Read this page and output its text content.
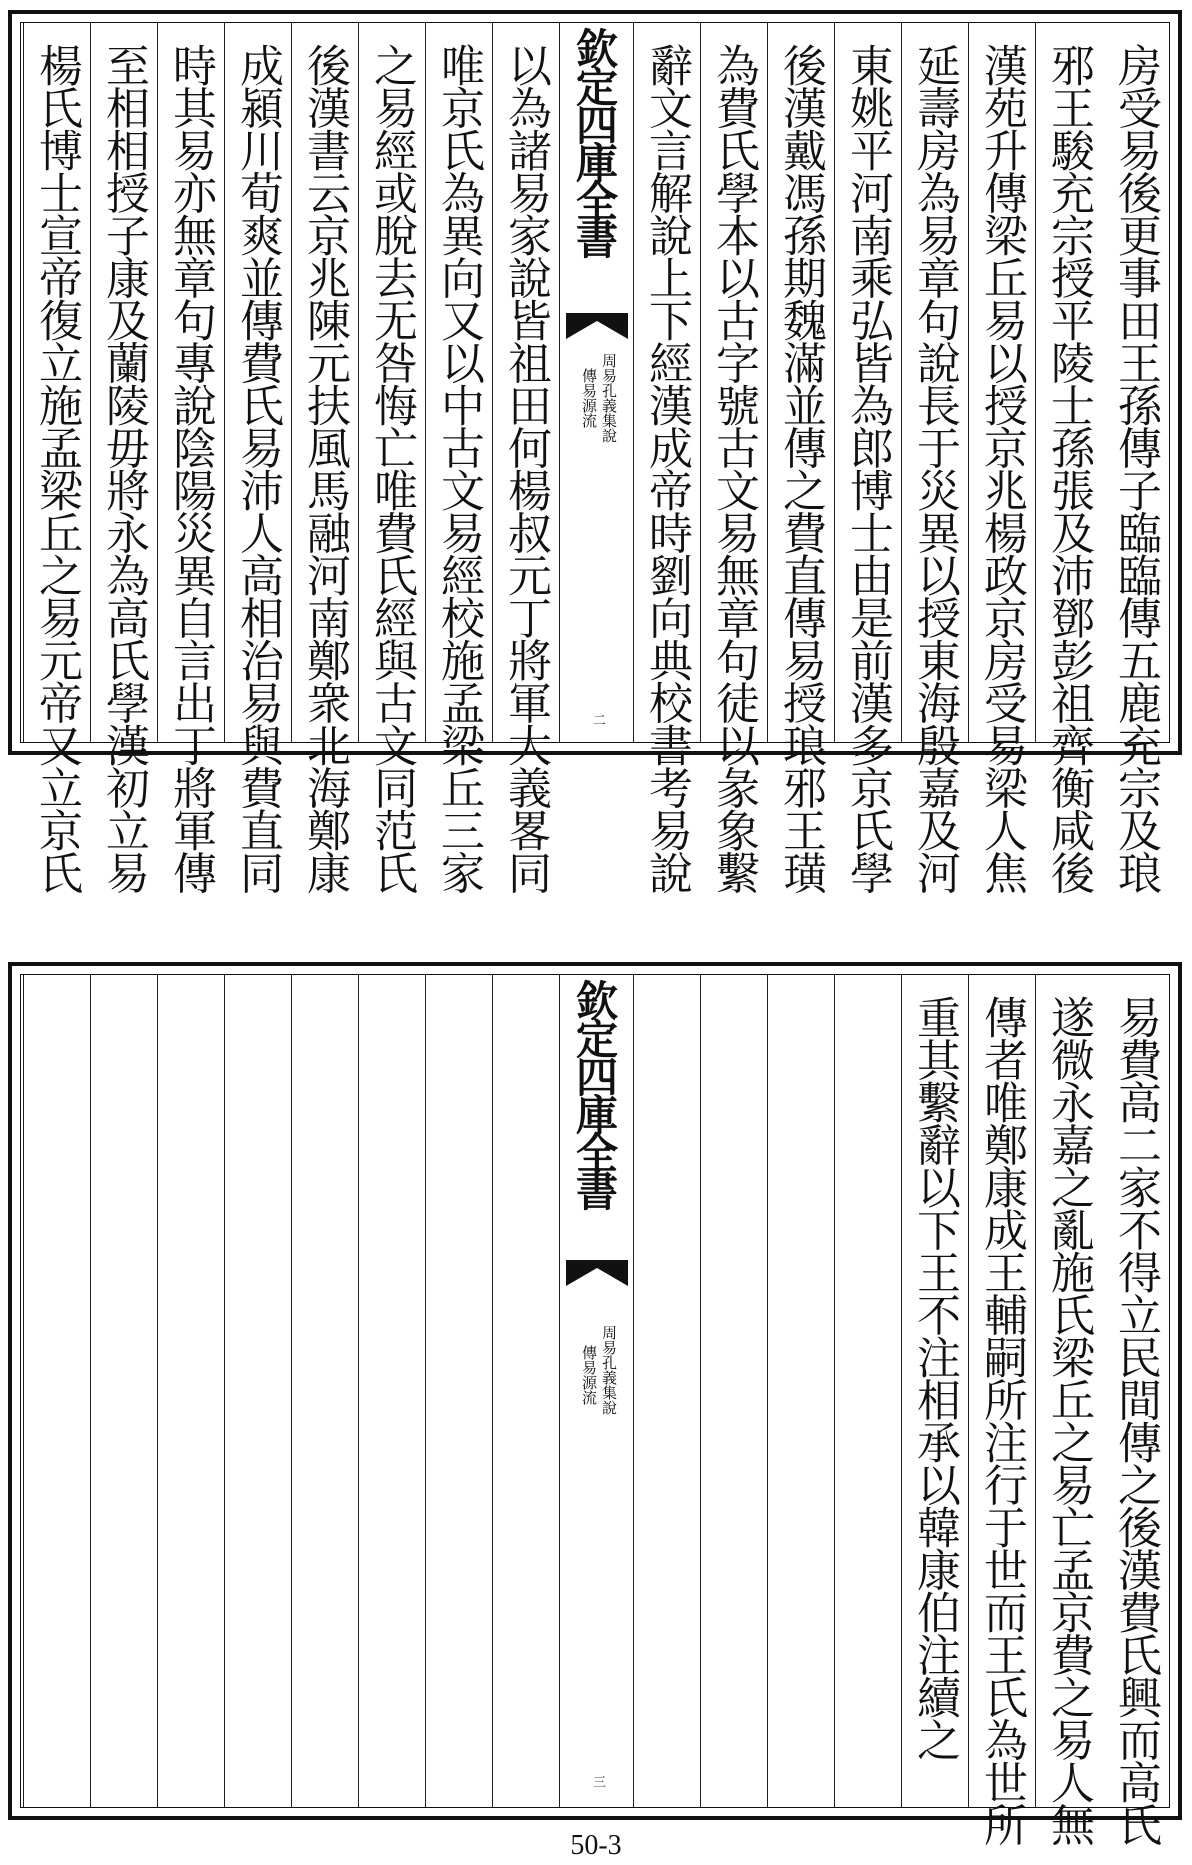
房受易後更事田王孫傳子臨臨傳五鹿充宗及琅
邪王駿充宗授平陵士孫張及沛鄧彭祖齊衡咸後
漢苑升傳梁丘易以授京兆楊政京房受易梁人焦
延壽房為易章句說長于災異以授東海殷嘉及河
東姚平河南乘弘皆為郎博士由是前漢多京氏學
後漢戴馮孫期魏滿並傳之費直傳易授琅邪王璜
為費氏學本以古字號古文易無章句徒以彖象繫
辭文言解說上下經漢成帝時劉向典校書考易說
欽定四庫全書
周易孔義集說
傳易源流
二
以為諸易家說皆祖田何楊叔元丁將軍大義畧同
唯京氏為異向又以中古文易經校施孟梁丘三家
之易經或脫去无咎悔亡唯費氏經與古文同范氏
後漢書云京兆陳元扶風馬融河南鄭衆北海鄭康
成潁川荀爽並傳費氏易沛人高相治易與費直同
時其易亦無章句專說陰陽災異自言出丁將軍傳
至相相授子康及蘭陵毋將永為高氏學漢初立易
楊氏博士宣帝復立施孟梁丘之易元帝又立京氏
易費高二家不得立民間傳之後漢費氏興而高氏
遂微永嘉之亂施氏梁丘之易亡孟京費之易人無
傳者唯鄭康成王輔嗣所注行于世而王氏為世所
重其繫辭以下王不注相承以韓康伯注續之
欽定四庫全書
周易孔義集說
傳易源流
三
50-3
